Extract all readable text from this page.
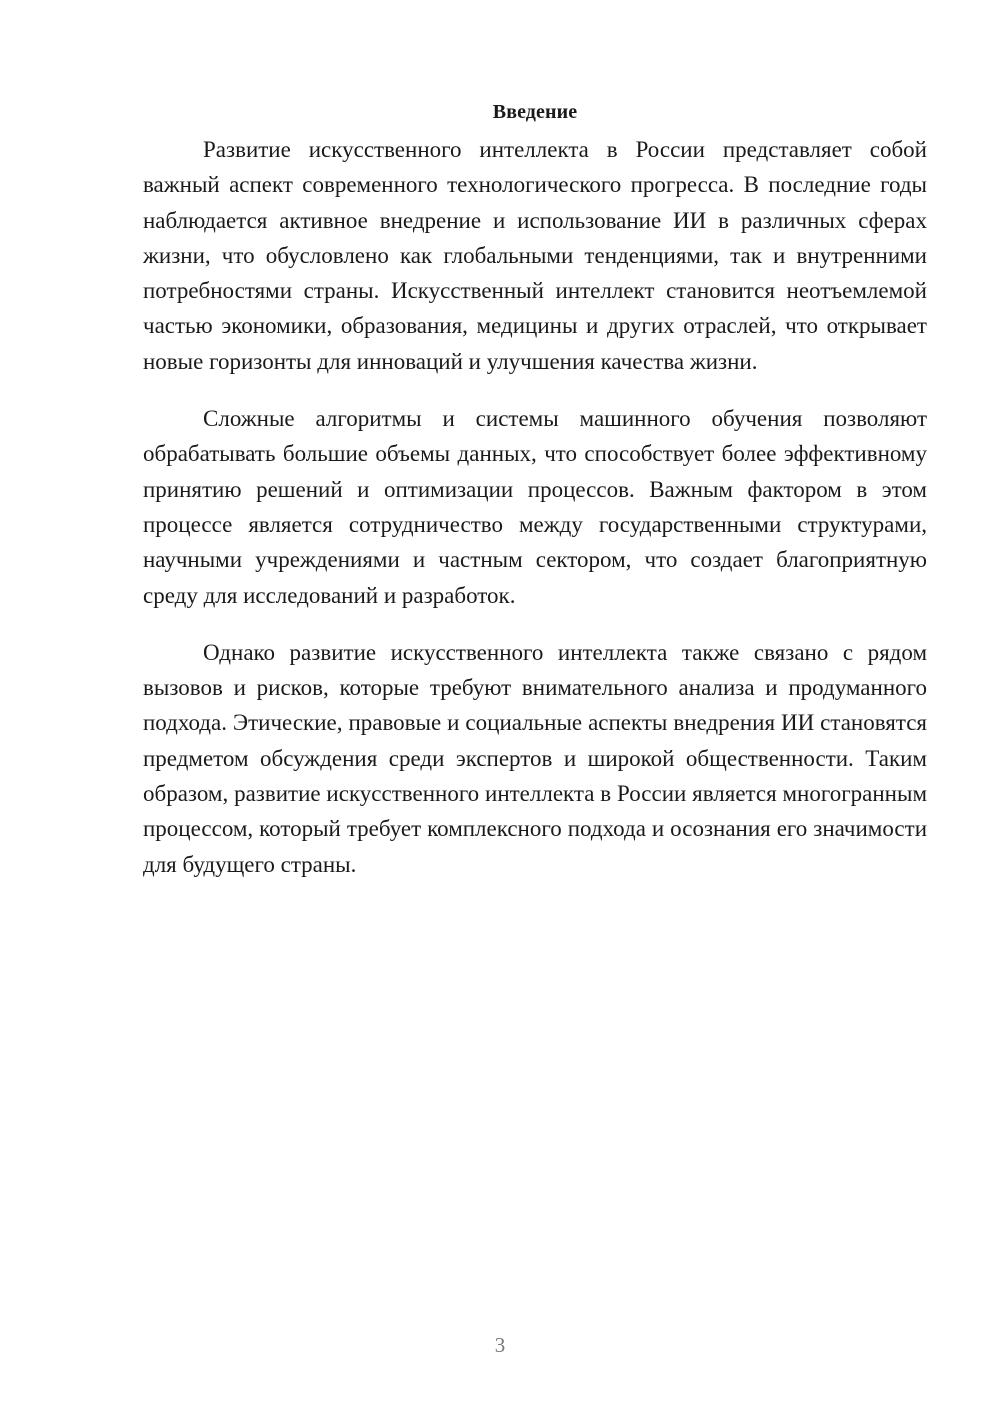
Введение

Развитие искусственного интеллекта в России представляет собой важный аспект современного технологического прогресса. В последние годы наблюдается активное внедрение и использование ИИ в различных сферах жизни, что обусловлено как глобальными тенденциями, так и внутренними потребностями страны. Искусственный интеллект становится неотъемлемой частью экономики, образования, медицины и других отраслей, что открывает новые горизонты для инноваций и улучшения качества жизни.

Сложные алгоритмы и системы машинного обучения позволяют обрабатывать большие объемы данных, что способствует более эффективному принятию решений и оптимизации процессов. Важным фактором в этом процессе является сотрудничество между государственными структурами, научными учреждениями и частным сектором, что создает благоприятную среду для исследований и разработок.

Однако развитие искусственного интеллекта также связано с рядом вызовов и рисков, которые требуют внимательного анализа и продуманного подхода. Этические, правовые и социальные аспекты внедрения ИИ становятся предметом обсуждения среди экспертов и широкой общественности. Таким образом, развитие искусственного интеллекта в России является многогранным процессом, который требует комплексного подхода и осознания его значимости для будущего страны.

3
